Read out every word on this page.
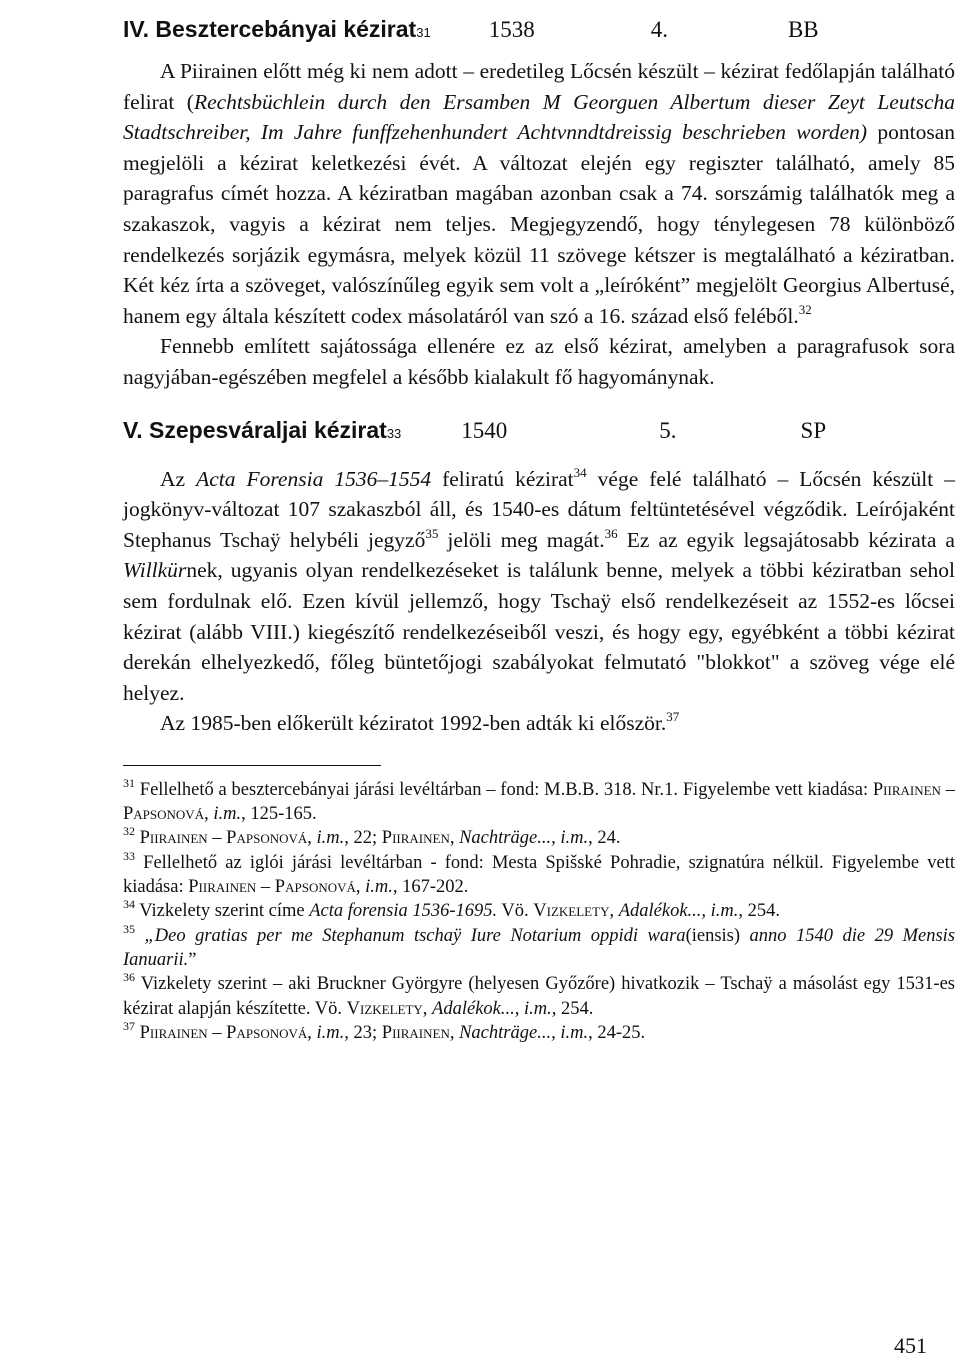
IV. Besztercebányai kézirat 31	1538	4.	BB

A Piirainen előtt még ki nem adott – eredetileg Lőcsén készült – kézirat fedőlapján található felirat (Rechtsbüchlein durch den Ersamben M Georguen Albertum dieser Zeyt Leutscha Stadtschreiber, Im Jahre funffzehenhundert Achtvnndtdreissig beschrieben worden) pontosan megjelöli a kézirat keletkezési évét. A változat elején egy regiszter található, amely 85 paragrafus címét hozza. A kéziratban magában azonban csak a 74. sorszámig találhatók meg a szakaszok, vagyis a kézirat nem teljes. Megjegyzendő, hogy ténylegesen 78 különböző rendelkezés sorjázik egymásra, melyek közül 11 szövege kétszer is megtalálható a kéziratban. Két kéz írta a szöveget, valószínűleg egyik sem volt a „leíróként” megjelölt Georgius Albertusé, hanem egy általa készített codex másolatáról van szó a 16. század első feléből.$^{32}$

Fennebb említett sajátossága ellenére ez az első kézirat, amelyben a paragrafusok sora nagyjában-egészében megfelel a később kialakult fő hagyománynak.

V. Szepesváraljai kézirat 33	1540	5.	SP

Az Acta Forensia 1536–1554 feliratú kézirat$^{34}$ vége felé található – Lőcsén készült – jogkönyv-változat 107 szakaszból áll, és 1540-es dátum feltüntetésével végződik. Leírójaként Stephanus Tschaÿ helybéli jegyző$^{35}$ jelöli meg magát.$^{36}$ Ez az egyik legsajátosabb kézirata a Willkürnek, ugyanis olyan rendelkezéseket is találunk benne, melyek a többi kéziratban sehol sem fordulnak elő. Ezen kívül jellemző, hogy Tschaÿ első rendelkezéseit az 1552-es lőcsei kézirat (alább VIII.) kiegészítő rendelkezéseiből veszi, és hogy egy, egyébként a többi kézirat derekán elhelyezkedő, főleg büntetőjogi szabályokat felmutató "blokkot" a szöveg vége elé helyez.

Az 1985-ben előkerült kéziratot 1992-ben adták ki először.$^{37}$

$^{31}$ Fellelhető a besztercebányai járási levéltárban – fond: M.B.B. 318. Nr.1. Figyelembe vett kiadása: Piirainen – Papsonová, i.m., 125-165.

$^{32}$ Piirainen – Papsonová, i.m., 22; Piirainen, Nachträge..., i.m., 24.

$^{33}$ Fellelhető az iglói járási levéltárban - fond: Mesta Spišské Pohradie, szignatúra nélkül. Figyelembe vett kiadása: Piirainen – Papsonová, i.m., 167-202.

$^{34}$ Vizkelety szerint címe Acta forensia 1536-1695. Vö. Vizkelety, Adalékok..., i.m., 254.

$^{35}$ „Deo gratias per me Stephanum tschaÿ Iure Notarium oppidi wara(iensis) anno 1540 die 29 Mensis Ianuarii.”

$^{36}$ Vizkelety szerint – aki Bruckner Györgyre (helyesen Győzőre) hivatkozik – Tschaÿ a másolást egy 1531-es kézirat alapján készítette. Vö. Vizkelety, Adalékok..., i.m., 254.

$^{37}$ Piirainen – Papsonová, i.m., 23; Piirainen, Nachträge..., i.m., 24-25.

451
